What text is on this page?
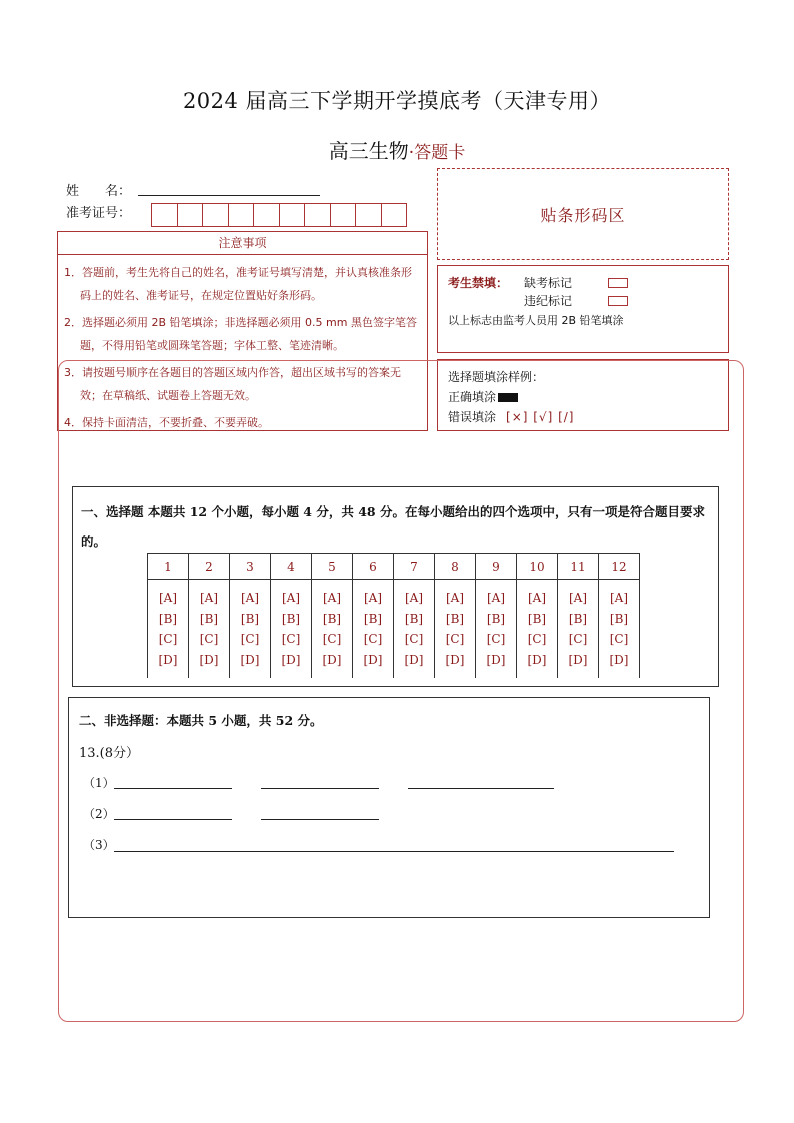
2024 届高三下学期开学摸底考（天津专用）
高三生物·答题卡
姓　　名：
准考证号：	贴条形码区
注意事项

1．答题前，考生先将自己的姓名，准考证号填写清楚，并认真核准条形码上的姓名、准考证号，在规定位置贴好条形码。

2．选择题必须用 2B 铅笔填涂；非选择题必须用 0.5 mm 黑色签字笔答题，不得用铅笔或圆珠笔答题；字体工整、笔迹清晰。

3．请按题号顺序在各题目的答题区域内作答，超出区域书写的答案无效；在草稿纸、试题卷上答题无效。

4．保持卡面清洁，不要折叠、不要弄破。

考生禁填： 缺考标记
违纪标记
以上标志由监考人员用 2B 铅笔填涂
选择题填涂样例：
正确填涂
错误填涂 [×] [√] [/]
一、选择题 本题共 12 个小题，每小题 4 分，共 48 分。在每小题给出的四个选项中，只有一项是符合题目要求的。
1	2	3	4	5	6	7	8	9	10	11	12

[A]	[A]	[A]	[A]	[A]	[A]	[A]	[A]	[A]	[A]	[A]	[A]
[B]	[B]	[B]	[B]	[B]	[B]	[B]	[B]	[B]	[B]	[B]	[B]
[C]	[C]	[C]	[C]	[C]	[C]	[C]	[C]	[C]	[C]	[C]	[C]
[D]	[D]	[D]	[D]	[D]	[D]	[D]	[D]	[D]	[D]	[D]	[D]

二、非选择题：本题共 5 小题，共 52 分。
13.(8分）
（1）
（2）
（3）
